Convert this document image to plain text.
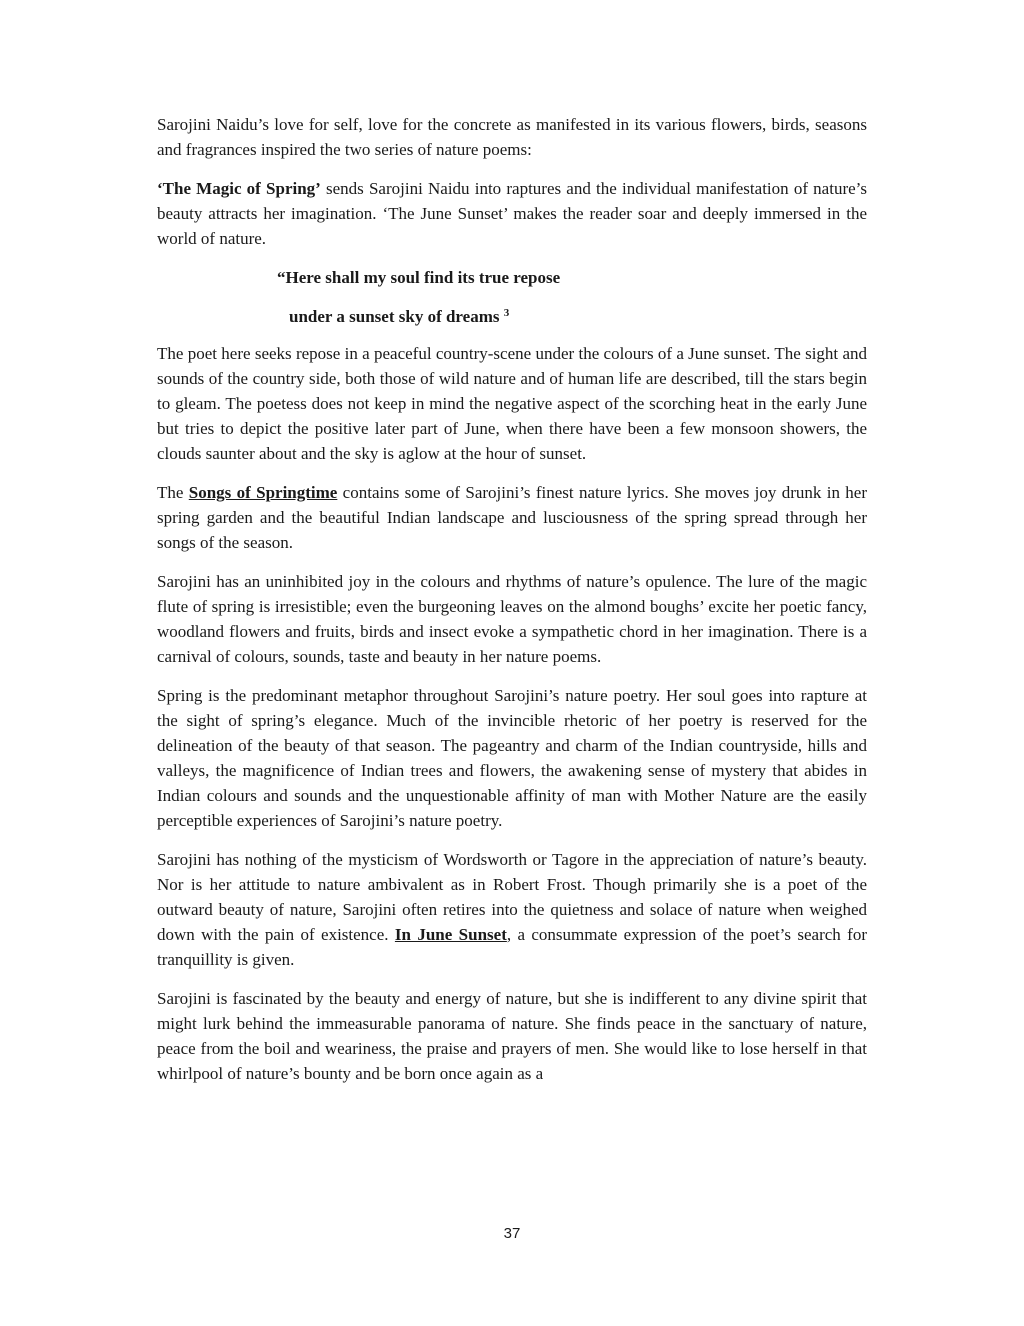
Sarojini Naidu’s love for self, love for the concrete as manifested in its various flowers, birds, seasons and fragrances inspired the two series of nature poems:

‘The Magic of Spring’ sends Sarojini Naidu into raptures and the individual manifestation of nature’s beauty attracts her imagination. ‘The June Sunset’ makes the reader soar and deeply immersed in the world of nature.

“Here shall my soul find its true repose

under a sunset sky of dreams $^3$

The poet here seeks repose in a peaceful country-scene under the colours of a June sunset. The sight and sounds of the country side, both those of wild nature and of human life are described, till the stars begin to gleam. The poetess does not keep in mind the negative aspect of the scorching heat in the early June but tries to depict the positive later part of June, when there have been a few monsoon showers, the clouds saunter about and the sky is aglow at the hour of sunset.

The Songs of Springtime contains some of Sarojini’s finest nature lyrics. She moves joy drunk in her spring garden and the beautiful Indian landscape and lusciousness of the spring spread through her songs of the season.

Sarojini has an uninhibited joy in the colours and rhythms of nature’s opulence. The lure of the magic flute of spring is irresistible; even the burgeoning leaves on the almond boughs’ excite her poetic fancy, woodland flowers and fruits, birds and insect evoke a sympathetic chord in her imagination. There is a carnival of colours, sounds, taste and beauty in her nature poems.

Spring is the predominant metaphor throughout Sarojini’s nature poetry. Her soul goes into rapture at the sight of spring’s elegance. Much of the invincible rhetoric of her poetry is reserved for the delineation of the beauty of that season. The pageantry and charm of the Indian countryside, hills and valleys, the magnificence of Indian trees and flowers, the awakening sense of mystery that abides in Indian colours and sounds and the unquestionable affinity of man with Mother Nature are the easily perceptible experiences of Sarojini’s nature poetry.

Sarojini has nothing of the mysticism of Wordsworth or Tagore in the appreciation of nature’s beauty. Nor is her attitude to nature ambivalent as in Robert Frost. Though primarily she is a poet of the outward beauty of nature, Sarojini often retires into the quietness and solace of nature when weighed down with the pain of existence. In June Sunset, a consummate expression of the poet’s search for tranquillity is given.

Sarojini is fascinated by the beauty and energy of nature, but she is indifferent to any divine spirit that might lurk behind the immeasurable panorama of nature. She finds peace in the sanctuary of nature, peace from the boil and weariness, the praise and prayers of men. She would like to lose herself in that whirlpool of nature’s bounty and be born once again as a

37
